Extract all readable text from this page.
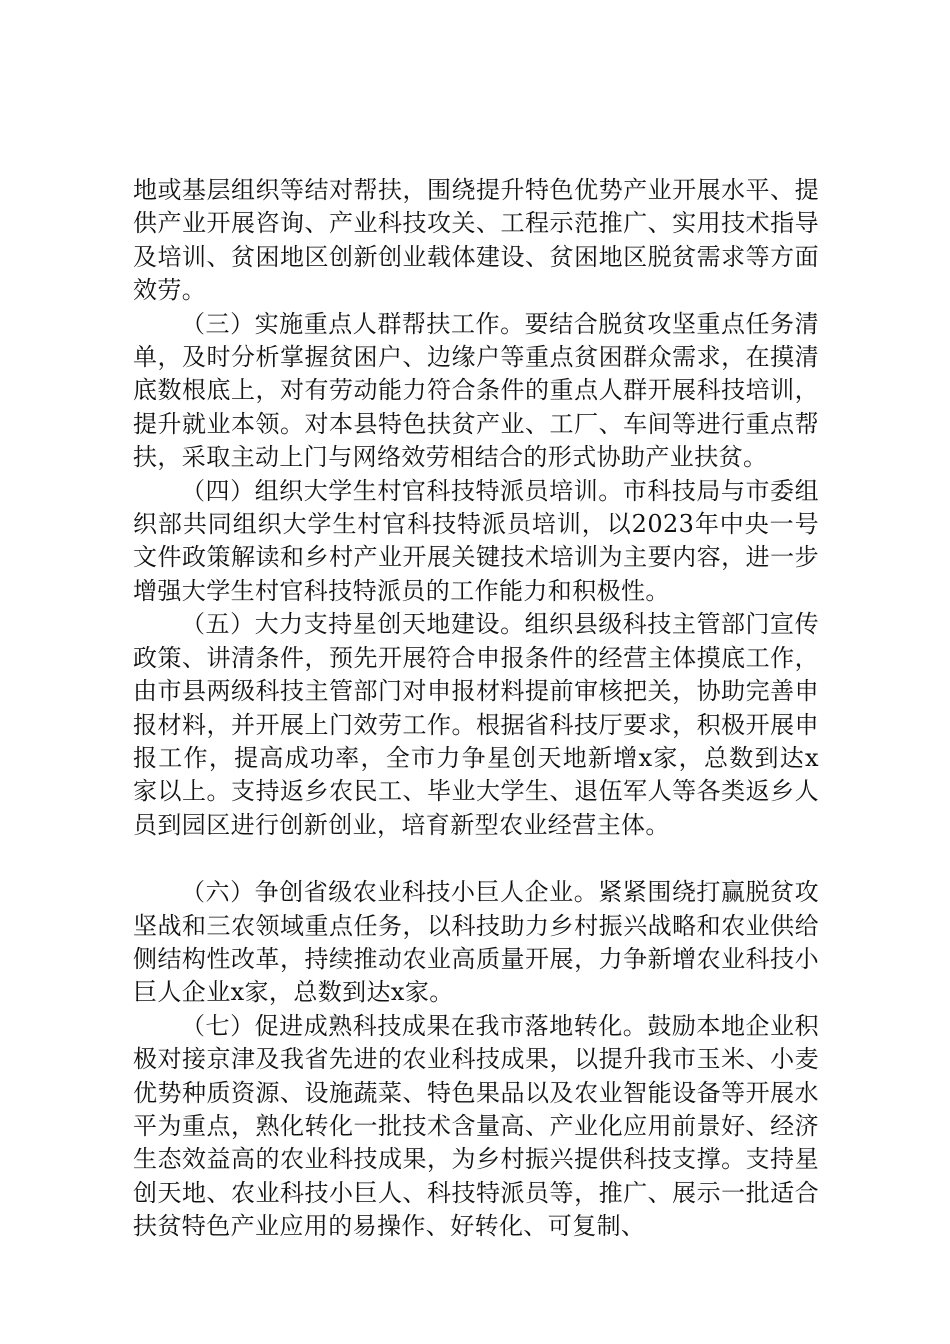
地或基层组织等结对帮扶，围绕提升特色优势产业开展水平、提供产业开展咨询、产业科技攻关、工程示范推广、实用技术指导及培训、贫困地区创新创业载体建设、贫困地区脱贫需求等方面效劳。

（三）实施重点人群帮扶工作。要结合脱贫攻坚重点任务清单，及时分析掌握贫困户、边缘户等重点贫困群众需求，在摸清底数根底上，对有劳动能力符合条件的重点人群开展科技培训，提升就业本领。对本县特色扶贫产业、工厂、车间等进行重点帮扶，采取主动上门与网络效劳相结合的形式协助产业扶贫。

（四）组织大学生村官科技特派员培训。市科技局与市委组织部共同组织大学生村官科技特派员培训，以2023年中央一号文件政策解读和乡村产业开展关键技术培训为主要内容，进一步增强大学生村官科技特派员的工作能力和积极性。

（五）大力支持星创天地建设。组织县级科技主管部门宣传政策、讲清条件，预先开展符合申报条件的经营主体摸底工作，由市县两级科技主管部门对申报材料提前审核把关，协助完善申报材料，并开展上门效劳工作。根据省科技厅要求，积极开展申报工作，提高成功率，全市力争星创天地新增x家，总数到达x家以上。支持返乡农民工、毕业大学生、退伍军人等各类返乡人员到园区进行创新创业，培育新型农业经营主体。

（六）争创省级农业科技小巨人企业。紧紧围绕打赢脱贫攻坚战和三农领域重点任务，以科技助力乡村振兴战略和农业供给侧结构性改革，持续推动农业高质量开展，力争新增农业科技小巨人企业x家，总数到达x家。

（七）促进成熟科技成果在我市落地转化。鼓励本地企业积极对接京津及我省先进的农业科技成果，以提升我市玉米、小麦优势种质资源、设施蔬菜、特色果品以及农业智能设备等开展水平为重点，熟化转化一批技术含量高、产业化应用前景好、经济生态效益高的农业科技成果，为乡村振兴提供科技支撑。支持星创天地、农业科技小巨人、科技特派员等，推广、展示一批适合扶贫特色产业应用的易操作、好转化、可复制、
